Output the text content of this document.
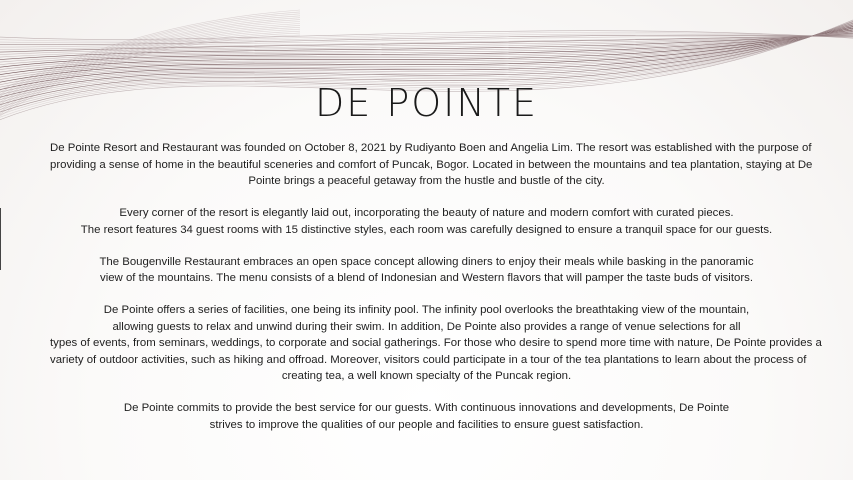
DE POINTE

De Pointe Resort and Restaurant was founded on October 8, 2021 by Rudiyanto Boen and Angelia Lim. The resort was established with the purpose of
providing a sense of home in the beautiful sceneries and comfort of Puncak, Bogor. Located in between the mountains and tea plantation, staying at De
Pointe brings a peaceful getaway from the hustle and bustle of the city.

Every corner of the resort is elegantly laid out, incorporating the beauty of nature and modern comfort with curated pieces.
The resort features 34 guest rooms with 15 distinctive styles, each room was carefully designed to ensure a tranquil space for our guests.

The Bougenville Restaurant embraces an open space concept allowing diners to enjoy their meals while basking in the panoramic
view of the mountains. The menu consists of a blend of Indonesian and Western flavors that will pamper the taste buds of visitors.

De Pointe offers a series of facilities, one being its infinity pool. The infinity pool overlooks the breathtaking view of the mountain,
allowing guests to relax and unwind during their swim. In addition, De Pointe also provides a range of venue selections for all
types of events, from seminars, weddings, to corporate and social gatherings. For those who desire to spend more time with nature, De Pointe provides a
variety of outdoor activities, such as hiking and offroad. Moreover, visitors could participate in a tour of the tea plantations to learn about the process of
creating tea, a well known specialty of the Puncak region.

De Pointe commits to provide the best service for our guests. With continuous innovations and developments, De Pointe
strives to improve the qualities of our people and facilities to ensure guest satisfaction.
